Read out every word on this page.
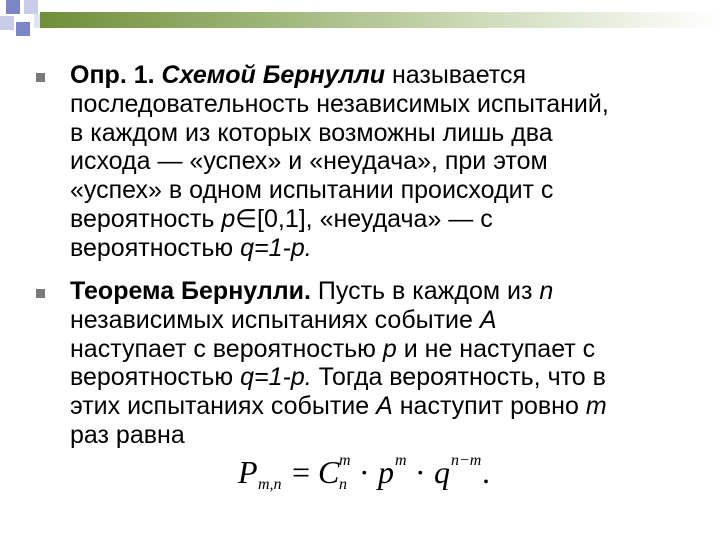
Опр. 1. Схемой Бернулли называется
последовательность независимых испытаний,
в каждом из которых возможны лишь два
исхода — «успех» и «неудача», при этом
«успех» в одном испытании происходит с
вероятность p∈[0,1], «неудача» — с
вероятностью q=1-p.
Теорема Бернулли. Пусть в каждом из n
независимых испытаниях событие A
наступает с вероятностью p и не наступает с
вероятностью q=1-p. Тогда вероятность, что в
этих испытаниях событие A наступит ровно m
раз равна
P m,n = C m
n · p m · q n−m .
